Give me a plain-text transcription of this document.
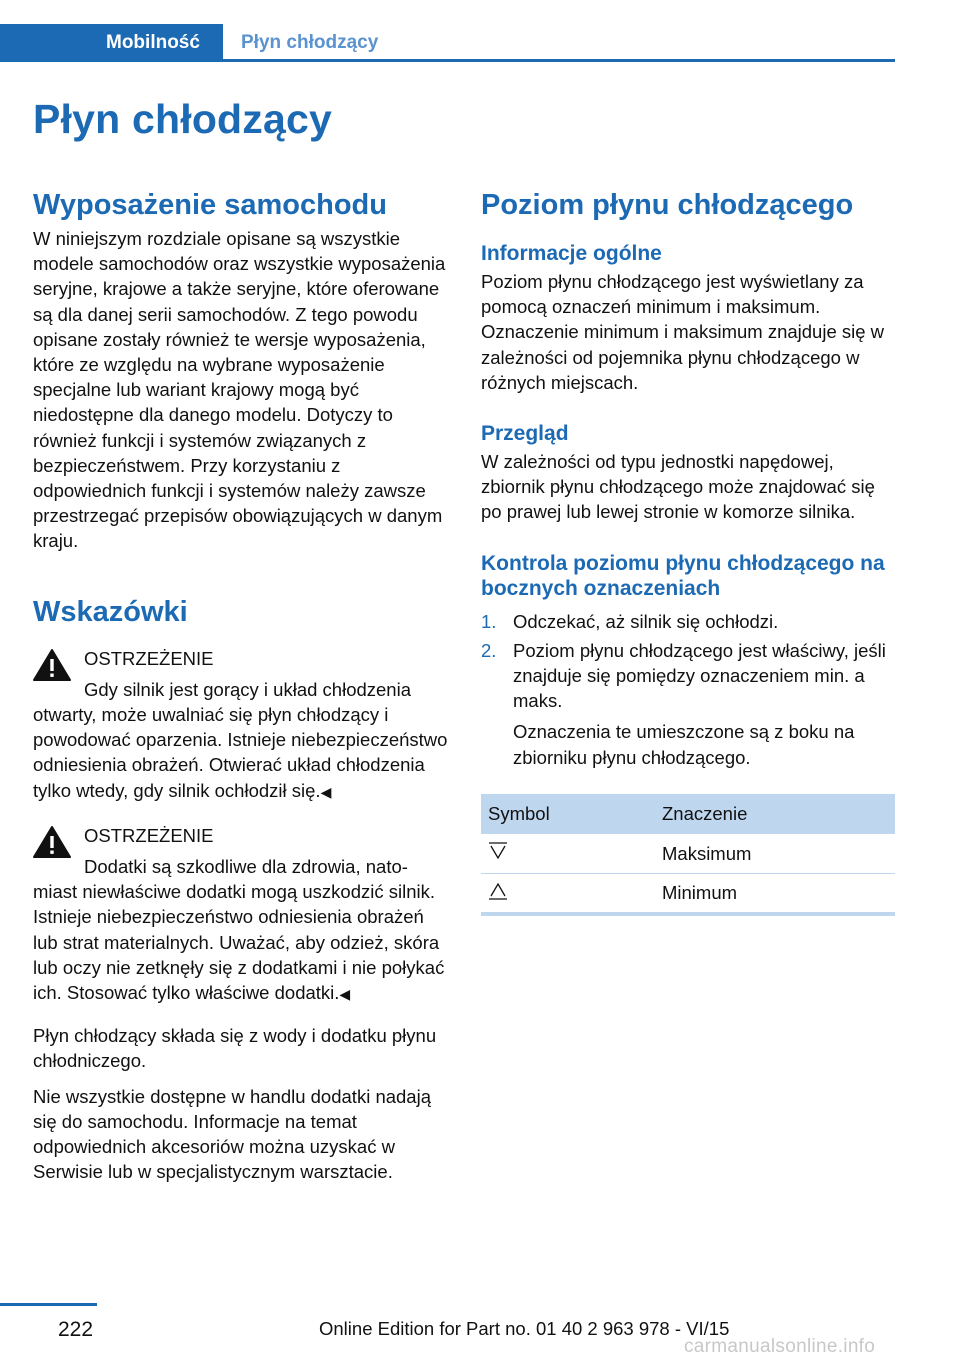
Mobilność	Płyn chłodzący
Płyn chłodzący
Wyposażenie samochodu

W niniejszym rozdziale opisane są wszystkie modele samochodów oraz wszystkie wyposażenia seryjne, krajowe a także seryjne, które oferowane są dla danej serii samochodów. Z tego powodu opisane zostały również te wersje wyposażenia, które ze względu na wybrane wyposażenie specjalne lub wariant krajowy mogą być niedostępne dla danego modelu. Dotyczy to również funkcji i systemów związanych z bezpieczeństwem. Przy korzystaniu z odpowiednich funkcji i systemów należy zawsze przestrzegać przepisów obowiązujących w danym kraju.

Wskazówki
OSTRZEŻENIE
Gdy silnik jest gorący i układ chłodzenia
otwarty, może uwalniać się płyn chłodzący i powodować oparzenia. Istnieje niebezpieczeństwo odniesienia obrażeń. Otwierać układ chłodzenia tylko wtedy, gdy silnik ochłodził się.◀
OSTRZEŻENIE
Dodatki są szkodliwe dla zdrowia, nato-
miast niewłaściwe dodatki mogą uszkodzić silnik. Istnieje niebezpieczeństwo odniesienia obrażeń lub strat materialnych. Uważać, aby odzież, skóra lub oczy nie zetknęły się z dodatkami i nie połykać ich. Stosować tylko właściwe dodatki.◀

Płyn chłodzący składa się z wody i dodatku płynu chłodniczego.

Nie wszystkie dostępne w handlu dodatki nadają się do samochodu. Informacje na temat odpowiednich akcesoriów można uzyskać w Serwisie lub w specjalistycznym warsztacie.

Poziom płynu chłodzącego
Informacje ogólne

Poziom płynu chłodzącego jest wyświetlany za pomocą oznaczeń minimum i maksimum. Oznaczenie minimum i maksimum znajduje się w zależności od pojemnika płynu chłodzącego w różnych miejscach.

Przegląd

W zależności od typu jednostki napędowej, zbiornik płynu chłodzącego może znajdować się po prawej lub lewej stronie w komorze silnika.

Kontrola poziomu płynu chłodzącego na bocznych oznaczeniach
1. Odczekać, aż silnik się ochłodzi.
2. Poziom płynu chłodzącego jest właściwy, jeśli znajduje się pomiędzy oznaczeniem min. a maks.
Oznaczenia te umieszczone są z boku na zbiorniku płynu chłodzącego.
Symbol	Znaczenie
	Maksimum
	Minimum
222	Online Edition for Part no. 01 40 2 963 978 - VI/15
carmanualsonline.info
